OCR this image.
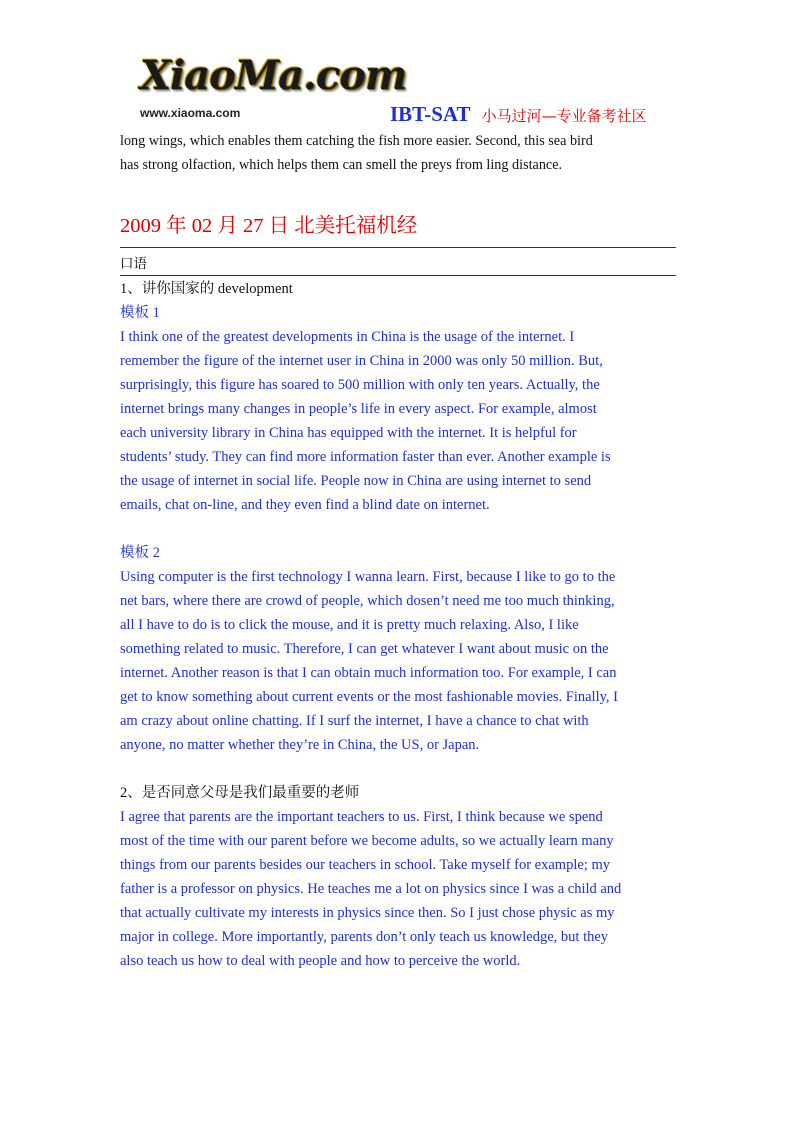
XiaoMa.com
www.xiaoma.com	IBT-SAT 小马过河—专业备考社区

long wings, which enables them catching the fish more easier. Second, this sea bird

has strong olfaction, which helps them can smell the preys from ling distance.

2009 年 02 月 27 日 北美托福机经
口语
1、讲你国家的 development
模板 1
I think one of the greatest developments in China is the usage of the internet. I
remember the figure of the internet user in China in 2000 was only 50 million. But,
surprisingly, this figure has soared to 500 million with only ten years. Actually, the
internet brings many changes in people’s life in every aspect. For example, almost
each university library in China has equipped with the internet. It is helpful for
students’ study. They can find more information faster than ever. Another example is
the usage of internet in social life. People now in China are using internet to send
emails, chat on-line, and they even find a blind date on internet.
模板 2
Using computer is the first technology I wanna learn. First, because I like to go to the
net bars, where there are crowd of people, which dosen’t need me too much thinking,
all I have to do is to click the mouse, and it is pretty much relaxing. Also, I like
something related to music. Therefore, I can get whatever I want about music on the
internet. Another reason is that I can obtain much information too. For example, I can
get to know something about current events or the most fashionable movies. Finally, I
am crazy about online chatting. If I surf the internet, I have a chance to chat with
anyone, no matter whether they’re in China, the US, or Japan.
2、是否同意父母是我们最重要的老师
I agree that parents are the important teachers to us. First, I think because we spend
most of the time with our parent before we become adults, so we actually learn many
things from our parents besides our teachers in school. Take myself for example; my
father is a professor on physics. He teaches me a lot on physics since I was a child and
that actually cultivate my interests in physics since then. So I just chose physic as my
major in college. More importantly, parents don’t only teach us knowledge, but they
also teach us how to deal with people and how to perceive the world.
